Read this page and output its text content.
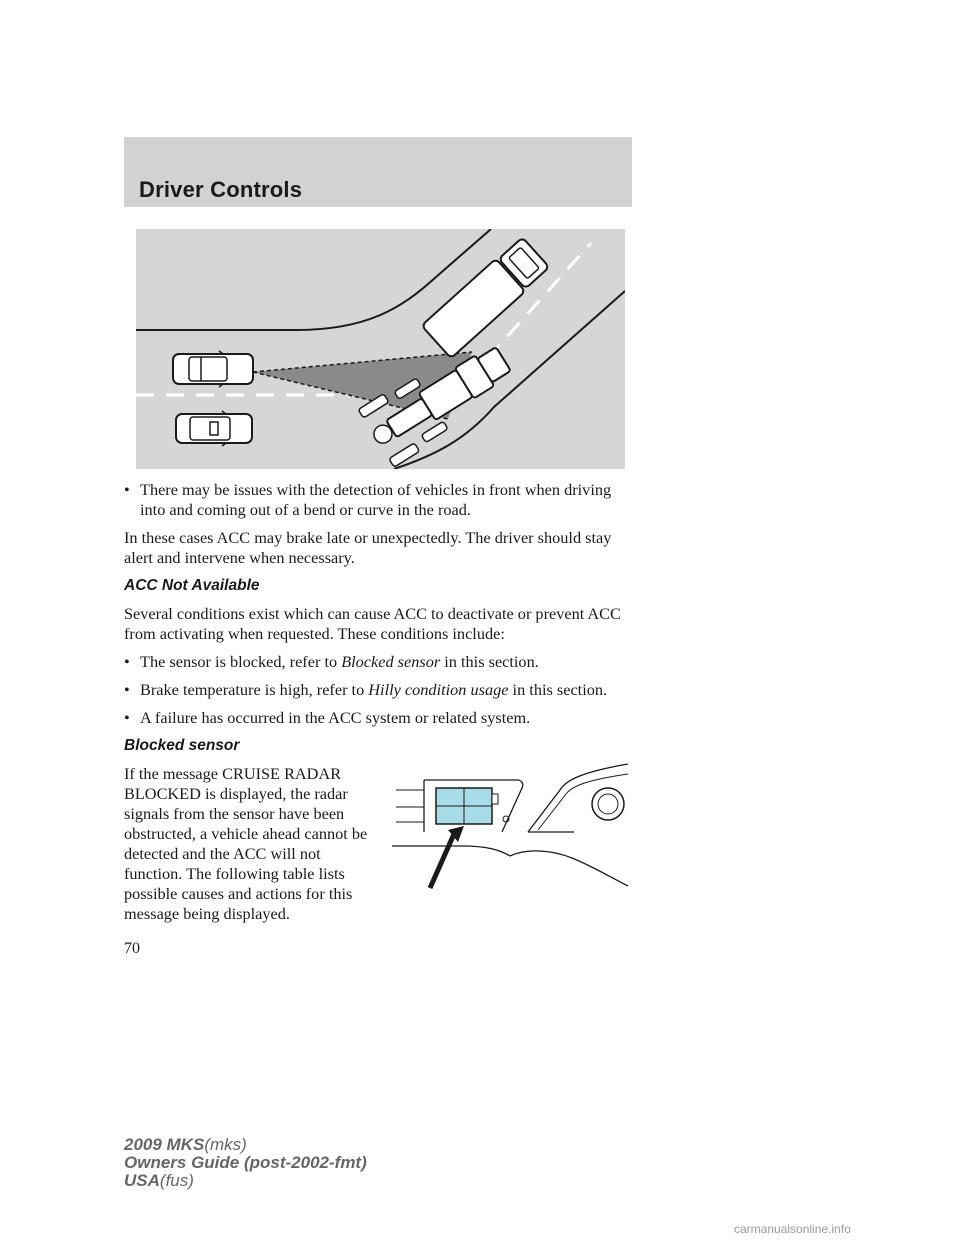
Driver Controls
• There may be issues with the detection of vehicles in front when driving into and coming out of a bend or curve in the road.

In these cases ACC may brake late or unexpectedly. The driver should stay alert and intervene when necessary.

ACC Not Available

Several conditions exist which can cause ACC to deactivate or prevent ACC from activating when requested. These conditions include:

• The sensor is blocked, refer to Blocked sensor in this section.

• Brake temperature is high, refer to Hilly condition usage in this section.

• A failure has occurred in the ACC system or related system.

Blocked sensor

If the message CRUISE RADAR BLOCKED is displayed, the radar signals from the sensor have been obstructed, a vehicle ahead cannot be detected and the ACC will not function. The following table lists possible causes and actions for this message being displayed.

70
2009 MKS(mks)
Owners Guide (post-2002-fmt)
USA(fus)
carmanualsonline.info
